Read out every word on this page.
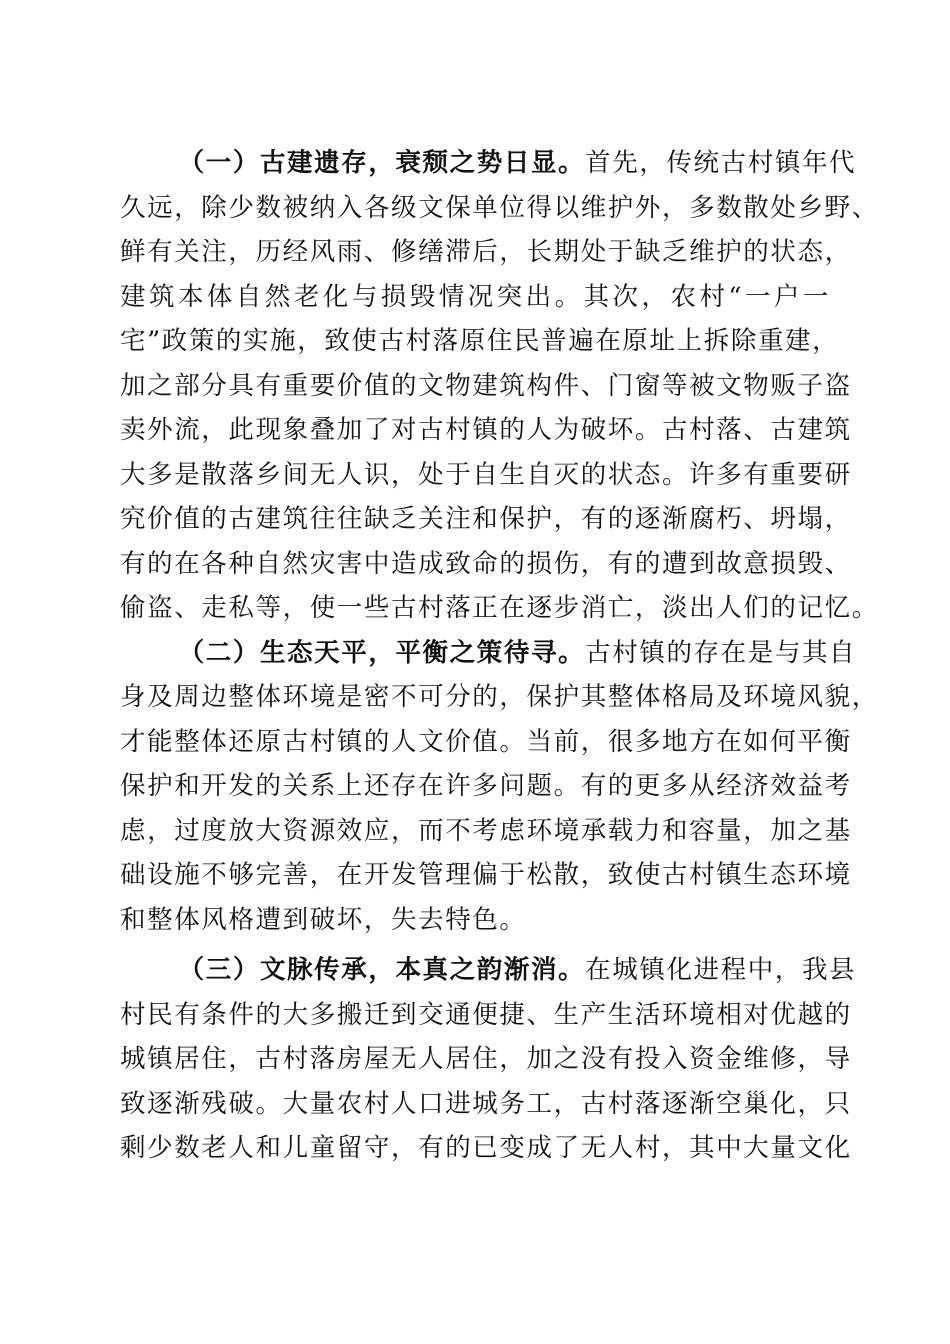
（一）古建遗存，衰颓之势日显。首先，传统古村镇年代
久远，除少数被纳入各级文保单位得以维护外，多数散处乡野、
鲜有关注，历经风雨、修缮滞后，长期处于缺乏维护的状态，
建筑本体自然老化与损毁情况突出。其次，农村“一户一
宅”政策的实施，致使古村落原住民普遍在原址上拆除重建，
加之部分具有重要价值的文物建筑构件、门窗等被文物贩子盗
卖外流，此现象叠加了对古村镇的人为破坏。古村落、古建筑
大多是散落乡间无人识，处于自生自灭的状态。许多有重要研
究价值的古建筑往往缺乏关注和保护，有的逐渐腐朽、坍塌，
有的在各种自然灾害中造成致命的损伤，有的遭到故意损毁、
偷盗、走私等，使一些古村落正在逐步消亡，淡出人们的记忆。
（二）生态天平，平衡之策待寻。古村镇的存在是与其自
身及周边整体环境是密不可分的，保护其整体格局及环境风貌，
才能整体还原古村镇的人文价值。当前，很多地方在如何平衡
保护和开发的关系上还存在许多问题。有的更多从经济效益考
虑，过度放大资源效应，而不考虑环境承载力和容量，加之基
础设施不够完善，在开发管理偏于松散，致使古村镇生态环境
和整体风格遭到破坏，失去特色。
（三）文脉传承，本真之韵渐消。在城镇化进程中，我县
村民有条件的大多搬迁到交通便捷、生产生活环境相对优越的
城镇居住，古村落房屋无人居住，加之没有投入资金维修，导
致逐渐残破。大量农村人口进城务工，古村落逐渐空巢化，只
剩少数老人和儿童留守，有的已变成了无人村，其中大量文化
